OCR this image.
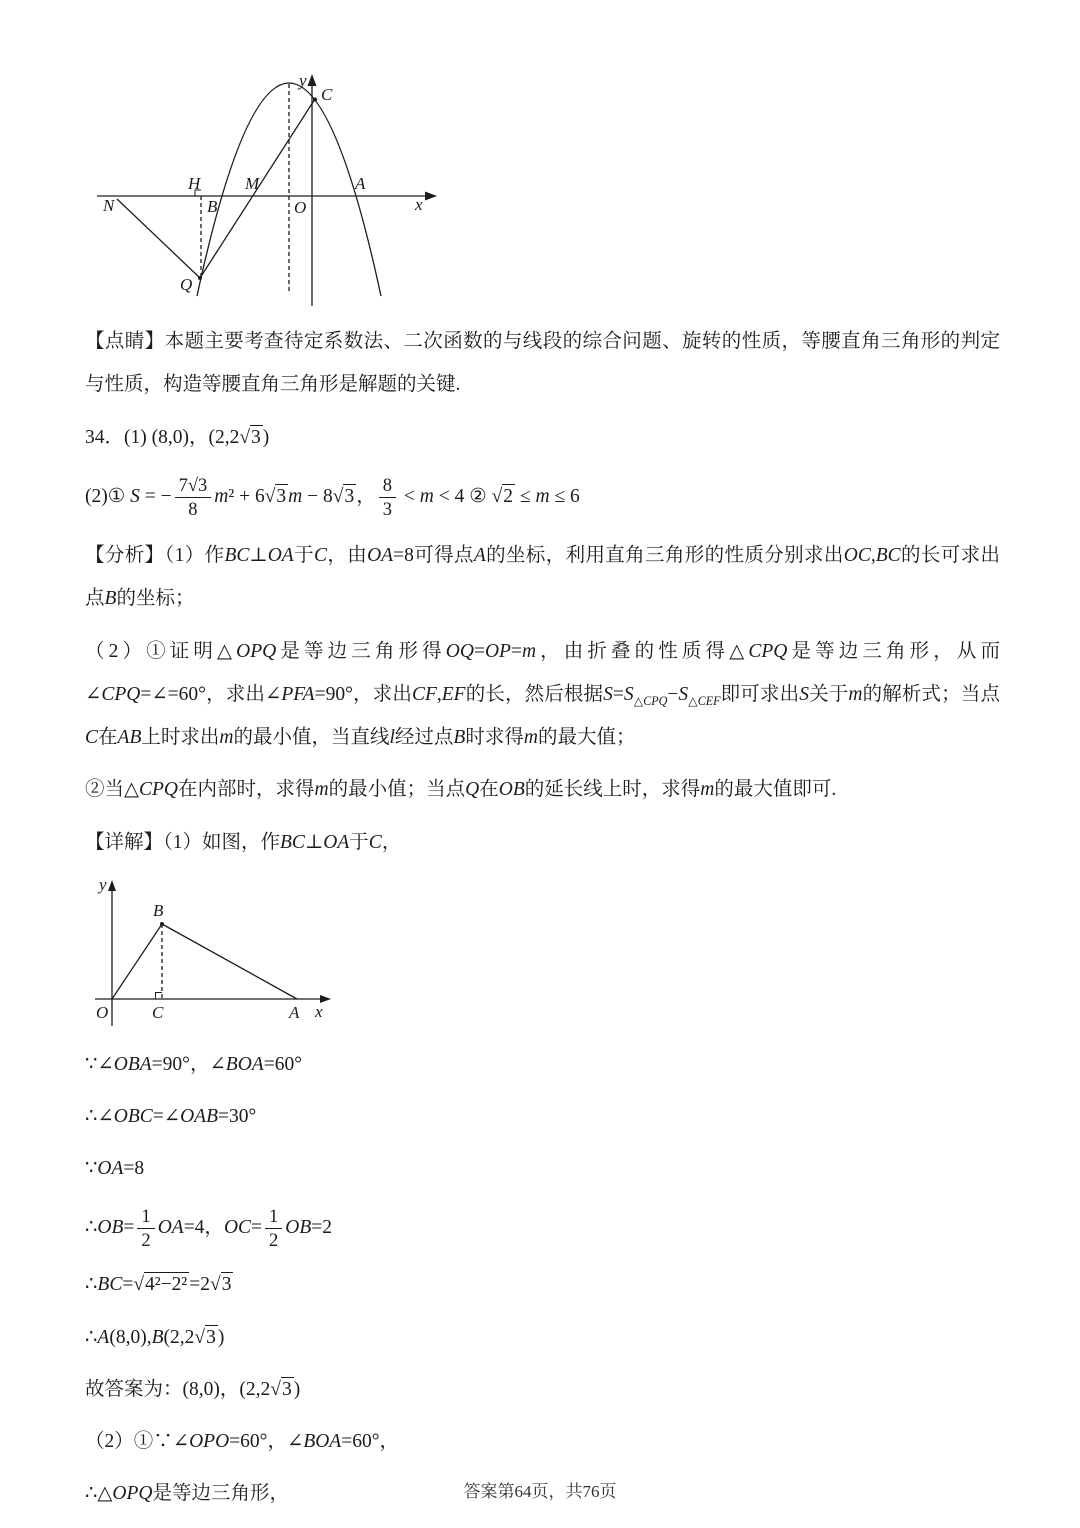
y
x
C
H	M	A
N	B	O
Q

【点睛】本题主要考查待定系数法、二次函数的与线段的综合问题、旋转的性质，等腰直角三角形的判定与性质，构造等腰直角三角形是解题的关键.

34．(1) (8,0)，(2,2√3 )

(2)① S = − $\frac{7√3}{8} m^2 + 6√3$ m − 8√3 ， $\frac{8}{3} < m < 4$ ② √2 ≤ m ≤ 6

【分析】（1）作BC⊥OA于C，由OA=8可得点A的坐标，利用直角三角形的性质分别求出OC,BC的长可求出点B的坐标；

（2）①证明△OPQ是等边三角形得OQ=OP=m，由折叠的性质得△CPQ是等边三角形，从而∠CPQ=∠=60°，求出∠PFA=90°，求出CF,EF的长，然后根据$S=S_{\triangle CPQ}-S_{\triangle CEF}$即可求出S关于m的解析式；当点C在AB上时求出m的最小值，当直线l经过点B时求得m的最大值；

②当△CPQ在内部时，求得m的最小值；当点Q在OB的延长线上时，求得m的最大值即可.

【详解】（1）如图，作BC⊥OA于C，

y
x
B
O	C	A

∵∠OBA=90°，∠BOA=60°

∴∠OBC=∠OAB=30°

∵OA=8

∴OB= $\frac{1}{2} OA=4$，$OC= \frac{1}{2} OB=2$

∴BC=√4²−2² =2√3

∴A(8,0),B(2,2√3 )

故答案为：(8,0)，(2,2√3 )

（2）①∵∠OPO=60°，∠BOA=60°，

∴△OPQ是等边三角形，	答案第64页，共76页
